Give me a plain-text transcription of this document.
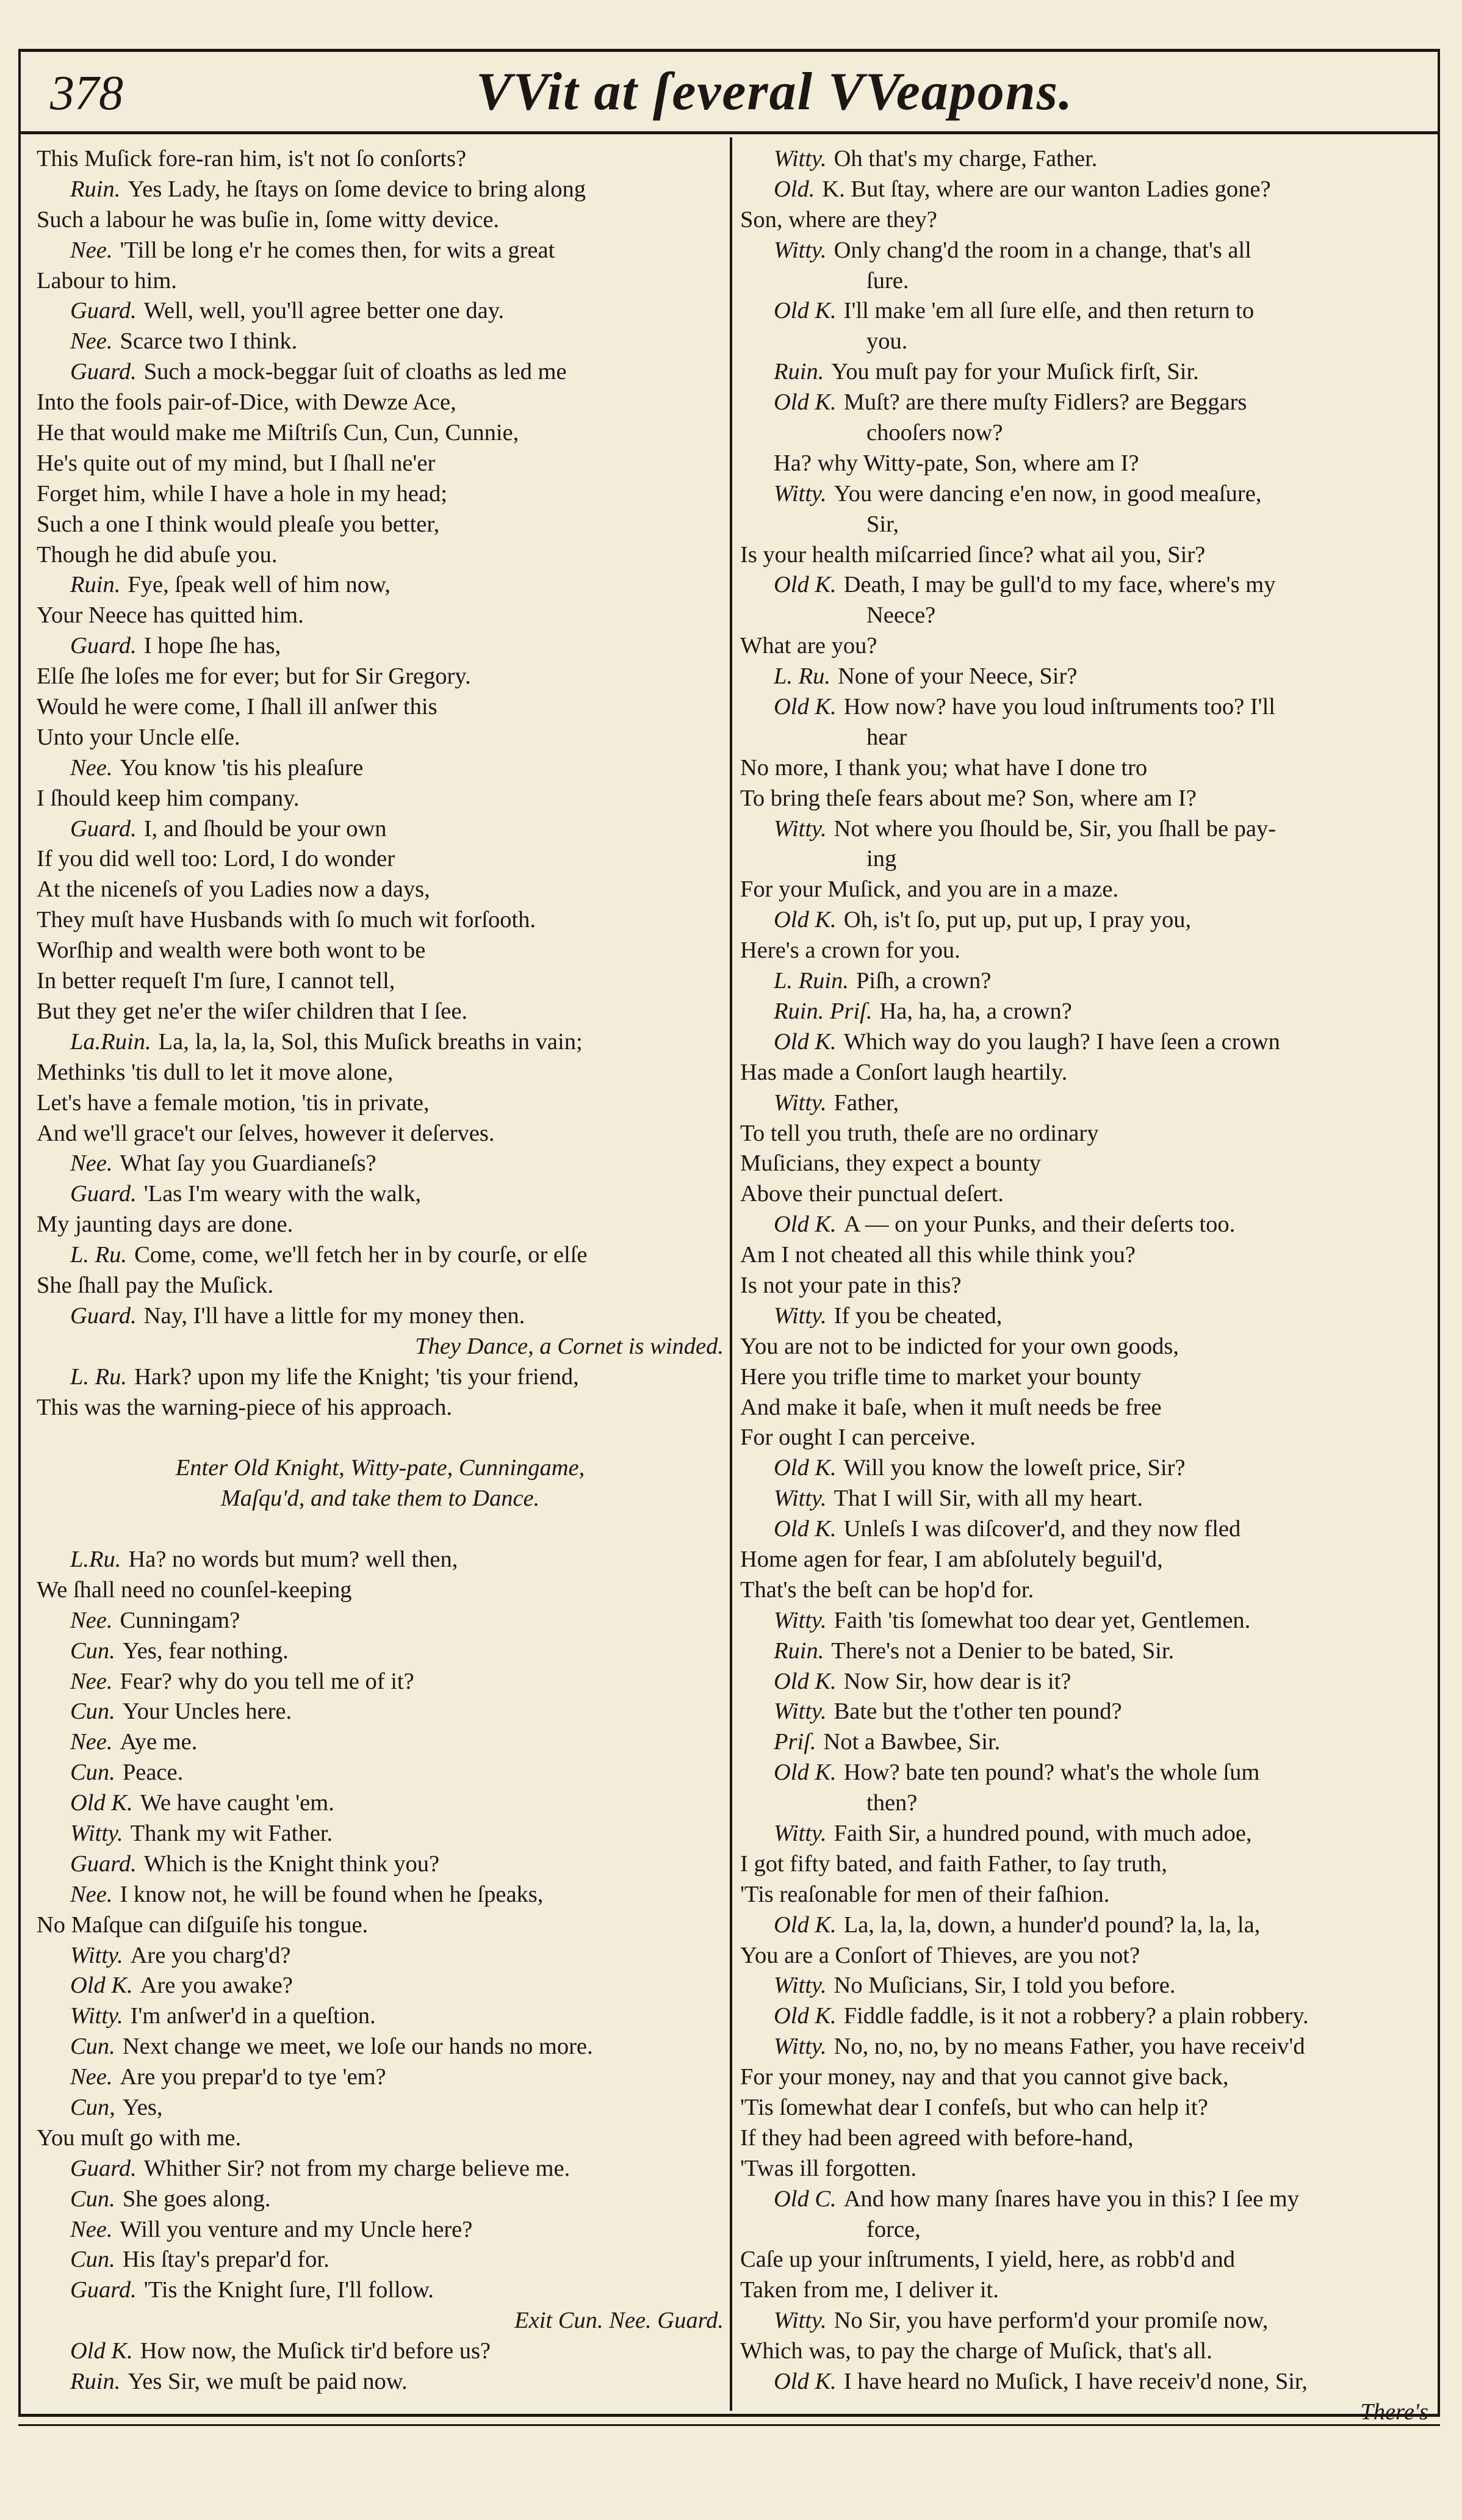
378	VVit at ſeveral VVeapons.
This Muſick fore-ran him, is't not ſo conſorts?
Ruin. Yes Lady, he ſtays on ſome device to bring along
Such a labour he was buſie in, ſome witty device.
Nee. 'Till be long e'r he comes then, for wits a great
Labour to him.
Guard. Well, well, you'll agree better one day.
Nee. Scarce two I think.
Guard. Such a mock-beggar ſuit of cloaths as led me
Into the fools pair-of-Dice, with Dewze Ace,
He that would make me Miſtriſs Cun, Cun, Cunnie,
He's quite out of my mind, but I ſhall ne'er
Forget him, while I have a hole in my head;
Such a one I think would pleaſe you better,
Though he did abuſe you.
Ruin. Fye, ſpeak well of him now,
Your Neece has quitted him.
Guard. I hope ſhe has,
Elſe ſhe loſes me for ever; but for Sir Gregory.
Would he were come, I ſhall ill anſwer this
Unto your Uncle elſe.
Nee. You know 'tis his pleaſure
I ſhould keep him company.
Guard. I, and ſhould be your own
If you did well too: Lord, I do wonder
At the niceneſs of you Ladies now a days,
They muſt have Husbands with ſo much wit forſooth.
Worſhip and wealth were both wont to be
In better requeſt I'm ſure, I cannot tell,
But they get ne'er the wiſer children that I ſee.
La.Ruin. La, la, la, la, Sol, this Muſick breaths in vain;
Methinks 'tis dull to let it move alone,
Let's have a female motion, 'tis in private,
And we'll grace't our ſelves, however it deſerves.
Nee. What ſay you Guardianeſs?
Guard. 'Las I'm weary with the walk,
My jaunting days are done.
L. Ru. Come, come, we'll fetch her in by courſe, or elſe
She ſhall pay the Muſick.
Guard. Nay, I'll have a little for my money then.
They Dance, a Cornet is winded.
L. Ru. Hark? upon my life the Knight; 'tis your friend,
This was the warning-piece of his approach.
Enter Old Knight, Witty-pate, Cunningame,
Maſqu'd, and take them to Dance.
L.Ru. Ha? no words but mum? well then,
We ſhall need no counſel-keeping
Nee. Cunningam?
Cun. Yes, fear nothing.
Nee. Fear? why do you tell me of it?
Cun. Your Uncles here.
Nee. Aye me.
Cun. Peace.
Old K. We have caught 'em.
Witty. Thank my wit Father.
Guard. Which is the Knight think you?
Nee. I know not, he will be found when he ſpeaks,
No Maſque can diſguiſe his tongue.
Witty. Are you charg'd?
Old K. Are you awake?
Witty. I'm anſwer'd in a queſtion.
Cun. Next change we meet, we loſe our hands no more.
Nee. Are you prepar'd to tye 'em?
Cun, Yes,
You muſt go with me.
Guard. Whither Sir? not from my charge believe me.
Cun. She goes along.
Nee. Will you venture and my Uncle here?
Cun. His ſtay's prepar'd for.
Guard. 'Tis the Knight ſure, I'll follow.
Exit Cun. Nee. Guard.
Old K. How now, the Muſick tir'd before us?
Ruin. Yes Sir, we muſt be paid now.
Witty. Oh that's my charge, Father.
Old. K. But ſtay, where are our wanton Ladies gone?
Son, where are they?
Witty. Only chang'd the room in a change, that's all
ſure.
Old K. I'll make 'em all ſure elſe, and then return to
you.
Ruin. You muſt pay for your Muſick firſt, Sir.
Old K. Muſt? are there muſty Fidlers? are Beggars
chooſers now?
Ha? why Witty-pate, Son, where am I?
Witty. You were dancing e'en now, in good meaſure,
Sir,
Is your health miſcarried ſince? what ail you, Sir?
Old K. Death, I may be gull'd to my face, where's my
Neece?
What are you?
L. Ru. None of your Neece, Sir?
Old K. How now? have you loud inſtruments too? I'll
hear
No more, I thank you; what have I done tro
To bring theſe fears about me? Son, where am I?
Witty. Not where you ſhould be, Sir, you ſhall be pay-
ing
For your Muſick, and you are in a maze.
Old K. Oh, is't ſo, put up, put up, I pray you,
Here's a crown for you.
L. Ruin. Piſh, a crown?
Ruin. Priſ. Ha, ha, ha, a crown?
Old K. Which way do you laugh? I have ſeen a crown
Has made a Conſort laugh heartily.
Witty. Father,
To tell you truth, theſe are no ordinary
Muſicians, they expect a bounty
Above their punctual deſert.
Old K. A — on your Punks, and their deſerts too.
Am I not cheated all this while think you?
Is not your pate in this?
Witty. If you be cheated,
You are not to be indicted for your own goods,
Here you trifle time to market your bounty
And make it baſe, when it muſt needs be free
For ought I can perceive.
Old K. Will you know the loweſt price, Sir?
Witty. That I will Sir, with all my heart.
Old K. Unleſs I was diſcover'd, and they now fled
Home agen for fear, I am abſolutely beguil'd,
That's the beſt can be hop'd for.
Witty. Faith 'tis ſomewhat too dear yet, Gentlemen.
Ruin. There's not a Denier to be bated, Sir.
Old K. Now Sir, how dear is it?
Witty. Bate but the t'other ten pound?
Priſ. Not a Bawbee, Sir.
Old K. How? bate ten pound? what's the whole ſum
then?
Witty. Faith Sir, a hundred pound, with much adoe,
I got fifty bated, and faith Father, to ſay truth,
'Tis reaſonable for men of their faſhion.
Old K. La, la, la, down, a hunder'd pound? la, la, la,
You are a Conſort of Thieves, are you not?
Witty. No Muſicians, Sir, I told you before.
Old K. Fiddle faddle, is it not a robbery? a plain robbery.
Witty. No, no, no, by no means Father, you have receiv'd
For your money, nay and that you cannot give back,
'Tis ſomewhat dear I confeſs, but who can help it?
If they had been agreed with before-hand,
'Twas ill forgotten.
Old C. And how many ſnares have you in this? I ſee my
force,
Caſe up your inſtruments, I yield, here, as robb'd and
Taken from me, I deliver it.
Witty. No Sir, you have perform'd your promiſe now,
Which was, to pay the charge of Muſick, that's all.
Old K. I have heard no Muſick, I have receiv'd none, Sir,
There's
